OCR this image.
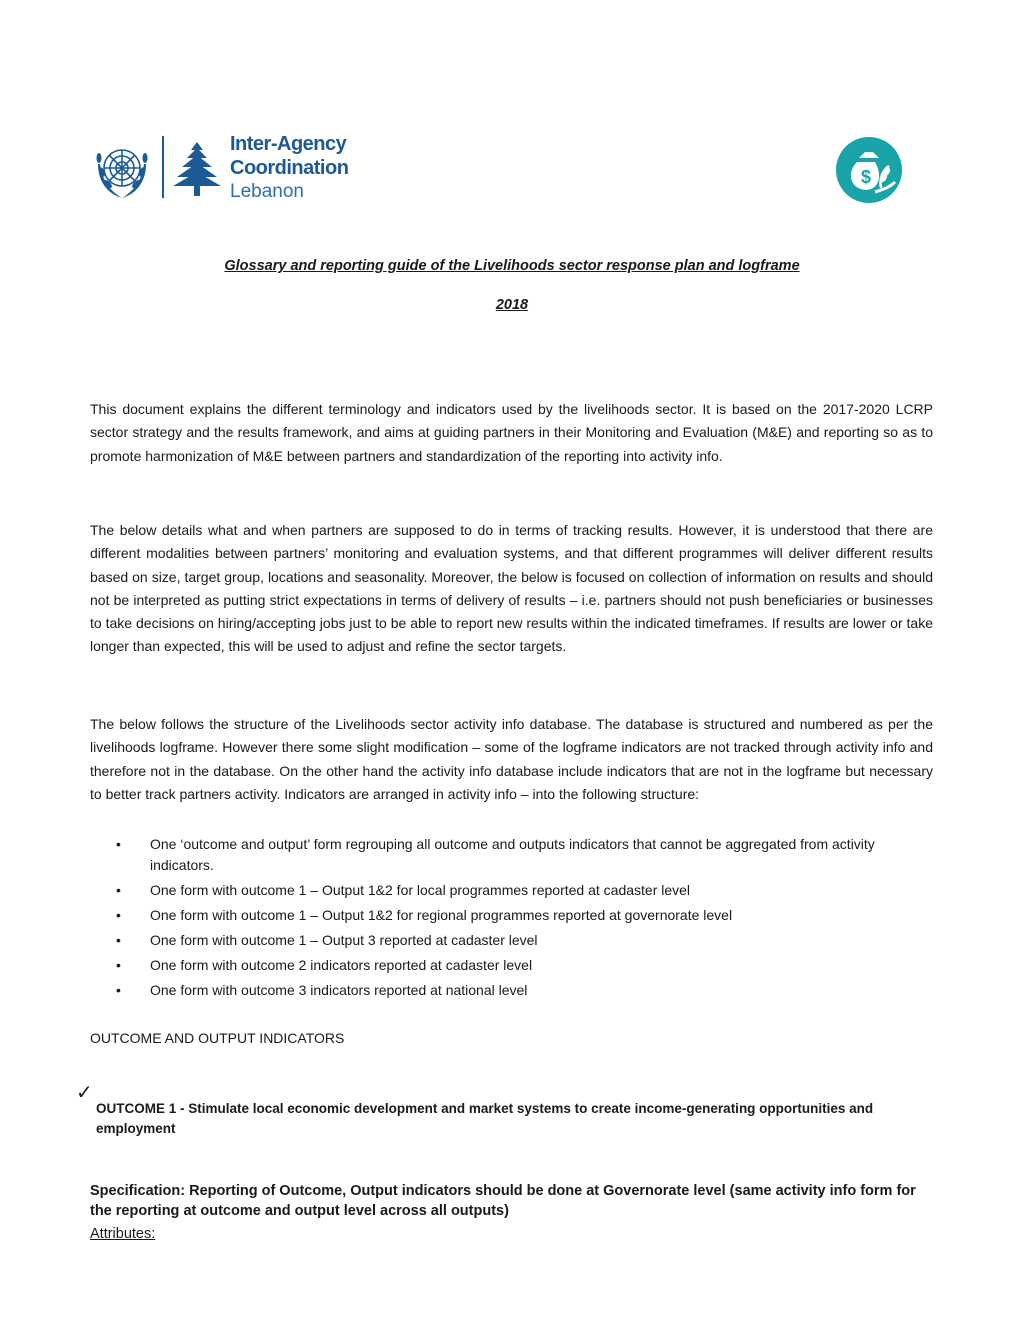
Inter-Agency
Coordination
Lebanon
$
Glossary and reporting guide of the Livelihoods sector response plan and logframe
2018

This document explains the different terminology and indicators used by the livelihoods sector. It is based on the 2017-2020 LCRP sector strategy and the results framework, and aims at guiding partners in their Monitoring and Evaluation (M&E) and reporting so as to promote harmonization of M&E between partners and standardization of the reporting into activity info.

The below details what and when partners are supposed to do in terms of tracking results. However, it is understood that there are different modalities between partners’ monitoring and evaluation systems, and that different programmes will deliver different results based on size, target group, locations and seasonality. Moreover, the below is focused on collection of information on results and should not be interpreted as putting strict expectations in terms of delivery of results – i.e. partners should not push beneficiaries or businesses to take decisions on hiring/accepting jobs just to be able to report new results within the indicated timeframes. If results are lower or take longer than expected, this will be used to adjust and refine the sector targets.

The below follows the structure of the Livelihoods sector activity info database. The database is structured and numbered as per the livelihoods logframe. However there some slight modification – some of the logframe indicators are not tracked through activity info and therefore not in the database. On the other hand the activity info database include indicators that are not in the logframe but necessary to better track partners activity. Indicators are arranged in activity info – into the following structure:

• One ‘outcome and output’ form regrouping all outcome and outputs indicators that cannot be aggregated from activity indicators.
• One form with outcome 1 – Output 1&2 for local programmes reported at cadaster level
• One form with outcome 1 – Output 1&2 for regional programmes reported at governorate level
• One form with outcome 1 – Output 3 reported at cadaster level
• One form with outcome 2 indicators reported at cadaster level
• One form with outcome 3 indicators reported at national level
OUTCOME AND OUTPUT INDICATORS
✓
OUTCOME 1 - Stimulate local economic development and market systems to create income-generating opportunities and employment
Specification: Reporting of Outcome, Output indicators should be done at Governorate level (same activity info form for the reporting at outcome and output level across all outputs)
Attributes:
